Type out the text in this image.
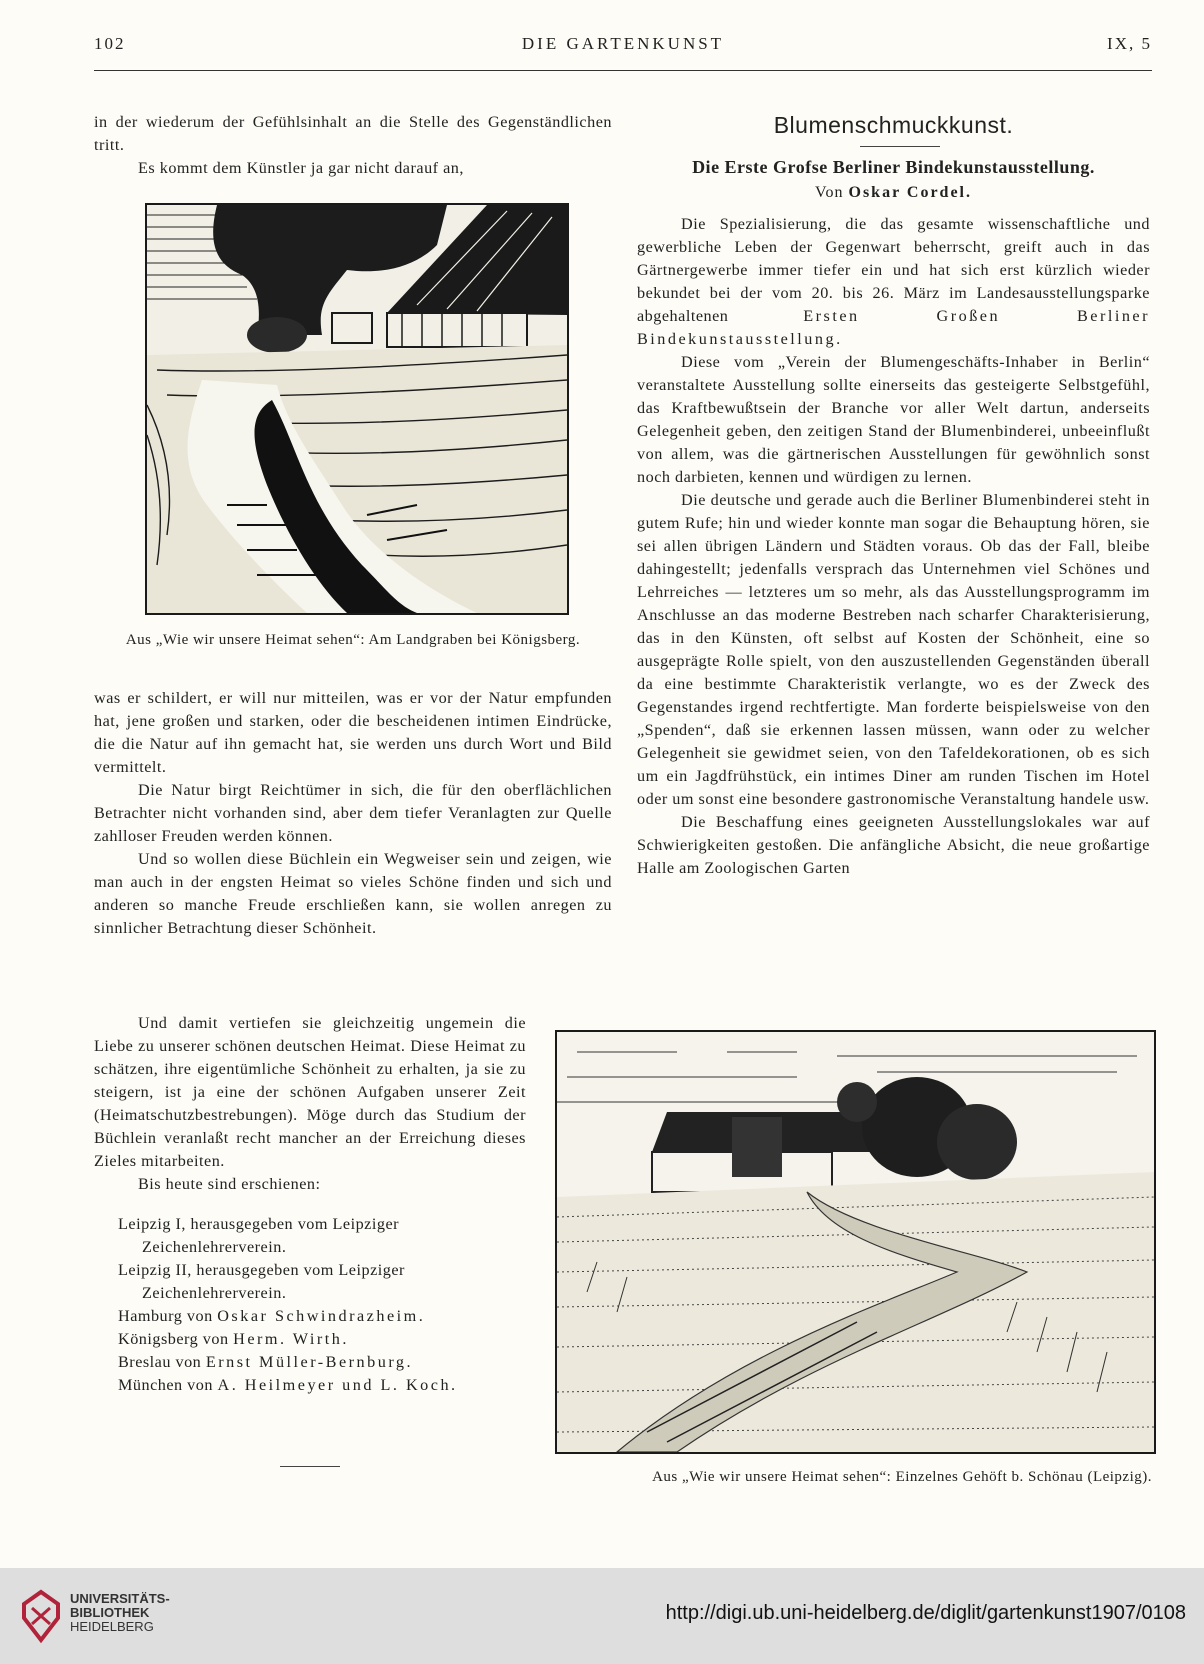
102	DIE GARTENKUNST	IX, 5

in der wiederum der Gefühlsinhalt an die Stelle des Gegenständlichen tritt.

Es kommt dem Künstler ja gar nicht darauf an,

Aus „Wie wir unsere Heimat sehen“: Am Landgraben bei Königsberg.

was er schildert, er will nur mitteilen, was er vor der Natur empfunden hat, jene großen und starken, oder die bescheidenen intimen Eindrücke, die die Natur auf ihn gemacht hat, sie werden uns durch Wort und Bild vermittelt.

Die Natur birgt Reichtümer in sich, die für den oberflächlichen Betrachter nicht vorhanden sind, aber dem tiefer Veranlagten zur Quelle zahlloser Freuden werden können.

Und so wollen diese Büchlein ein Wegweiser sein und zeigen, wie man auch in der engsten Heimat so vieles Schöne finden und sich und anderen so manche Freude erschließen kann, sie wollen anregen zu sinnlicher Betrachtung dieser Schönheit.

Und damit vertiefen sie gleichzeitig ungemein die Liebe zu unserer schönen deutschen Heimat. Diese Heimat zu schätzen, ihre eigentümliche Schönheit zu erhalten, ja sie zu steigern, ist ja eine der schönen Aufgaben unserer Zeit (Heimatschutzbestrebungen). Möge durch das Studium der Büchlein veranlaßt recht mancher an der Erreichung dieses Zieles mitarbeiten.

Bis heute sind erschienen:

Leipzig I, herausgegeben vom Leipziger Zeichenlehrerverein.

Leipzig II, herausgegeben vom Leipziger Zeichenlehrerverein.

Hamburg von Oskar Schwindrazheim.

Königsberg von Herm. Wirth.

Breslau von Ernst Müller-Bernburg.

München von A. Heilmeyer und L. Koch.

Blumenschmuckkunst.
Die Erste Grofse Berliner Bindekunstausstellung.
Von Oskar Cordel.

Die Spezialisierung, die das gesamte wissenschaftliche und gewerbliche Leben der Gegenwart beherrscht, greift auch in das Gärtnergewerbe immer tiefer ein und hat sich erst kürzlich wieder bekundet bei der vom 20. bis 26. März im Landesausstellungsparke abgehaltenen Ersten Großen Berliner Bindekunstausstellung.

Diese vom „Verein der Blumengeschäfts-Inhaber in Berlin“ veranstaltete Ausstellung sollte einerseits das gesteigerte Selbstgefühl, das Kraftbewußtsein der Branche vor aller Welt dartun, anderseits Gelegenheit geben, den zeitigen Stand der Blumenbinderei, unbeeinflußt von allem, was die gärtnerischen Ausstellungen für gewöhnlich sonst noch darbieten, kennen und würdigen zu lernen.

Die deutsche und gerade auch die Berliner Blumenbinderei steht in gutem Rufe; hin und wieder konnte man sogar die Behauptung hören, sie sei allen übrigen Ländern und Städten voraus. Ob das der Fall, bleibe dahingestellt; jedenfalls versprach das Unternehmen viel Schönes und Lehrreiches — letzteres um so mehr, als das Ausstellungsprogramm im Anschlusse an das moderne Bestreben nach scharfer Charakterisierung, das in den Künsten, oft selbst auf Kosten der Schönheit, eine so ausgeprägte Rolle spielt, von den auszustellenden Gegenständen überall da eine bestimmte Charakteristik verlangte, wo es der Zweck des Gegenstandes irgend rechtfertigte. Man forderte beispielsweise von den „Spenden“, daß sie erkennen lassen müssen, wann oder zu welcher Gelegenheit sie gewidmet seien, von den Tafeldekorationen, ob es sich um ein Jagdfrühstück, ein intimes Diner am runden Tischen im Hotel oder um sonst eine besondere gastronomische Veranstaltung handele usw.

Die Beschaffung eines geeigneten Ausstellungslokales war auf Schwierigkeiten gestoßen. Die anfängliche Absicht, die neue großartige Halle am Zoologischen Garten

Aus „Wie wir unsere Heimat sehen“: Einzelnes Gehöft b. Schönau (Leipzig).
UNIVERSITÄTS-
BIBLIOTHEK
HEIDELBERG
http://digi.ub.uni-heidelberg.de/diglit/gartenkunst1907/0108
